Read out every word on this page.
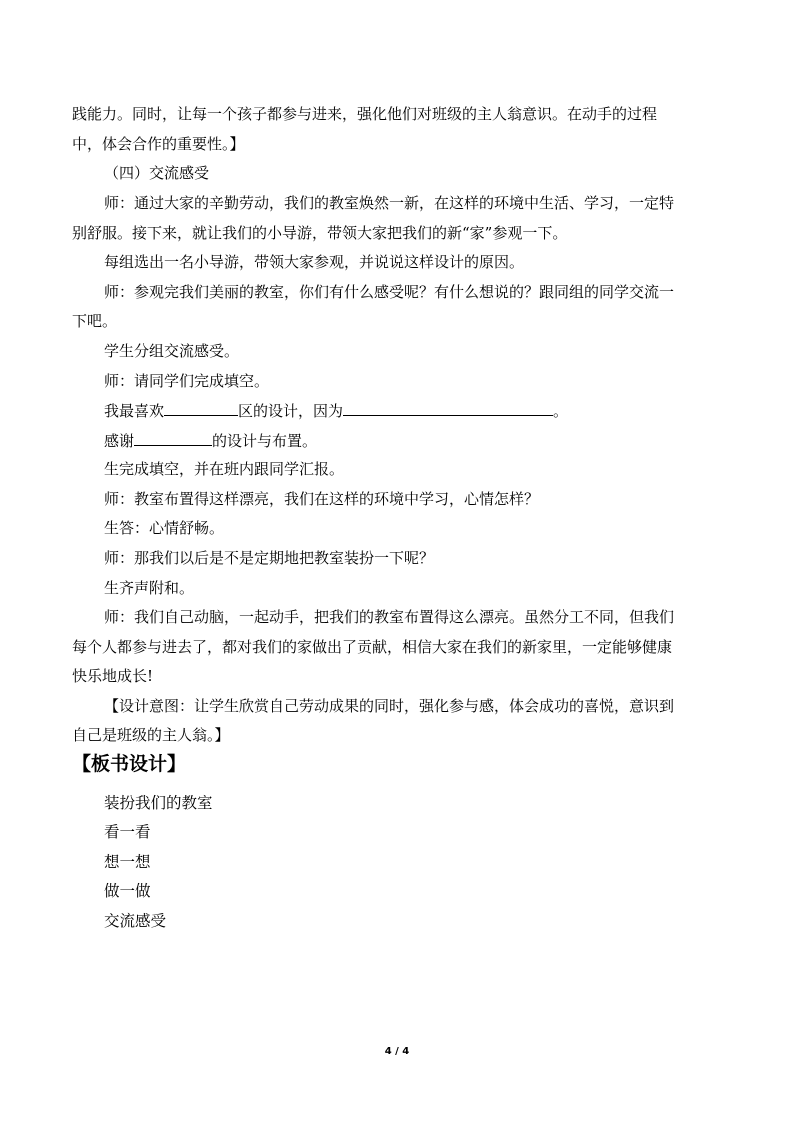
践能力。同时，让每一个孩子都参与进来，强化他们对班级的主人翁意识。在动手的过程
中，体会合作的重要性。】
（四）交流感受
师：通过大家的辛勤劳动，我们的教室焕然一新，在这样的环境中生活、学习，一定特
别舒服。接下来，就让我们的小导游，带领大家把我们的新“家”参观一下。
每组选出一名小导游，带领大家参观，并说说这样设计的原因。
师：参观完我们美丽的教室，你们有什么感受呢？有什么想说的？跟同组的同学交流一
下吧。
学生分组交流感受。
师：请同学们完成填空。
我最喜欢	区的设计，因为	。
感谢	的设计与布置。
生完成填空，并在班内跟同学汇报。
师：教室布置得这样漂亮，我们在这样的环境中学习，心情怎样？
生答：心情舒畅。
师：那我们以后是不是定期地把教室装扮一下呢？
生齐声附和。
师：我们自己动脑，一起动手，把我们的教室布置得这么漂亮。虽然分工不同，但我们
每个人都参与进去了，都对我们的家做出了贡献，相信大家在我们的新家里，一定能够健康
快乐地成长!
【设计意图：让学生欣赏自己劳动成果的同时，强化参与感，体会成功的喜悦，意识到
自己是班级的主人翁。】
【板书设计】
装扮我们的教室
看一看
想一想
做一做
交流感受
4 / 4
